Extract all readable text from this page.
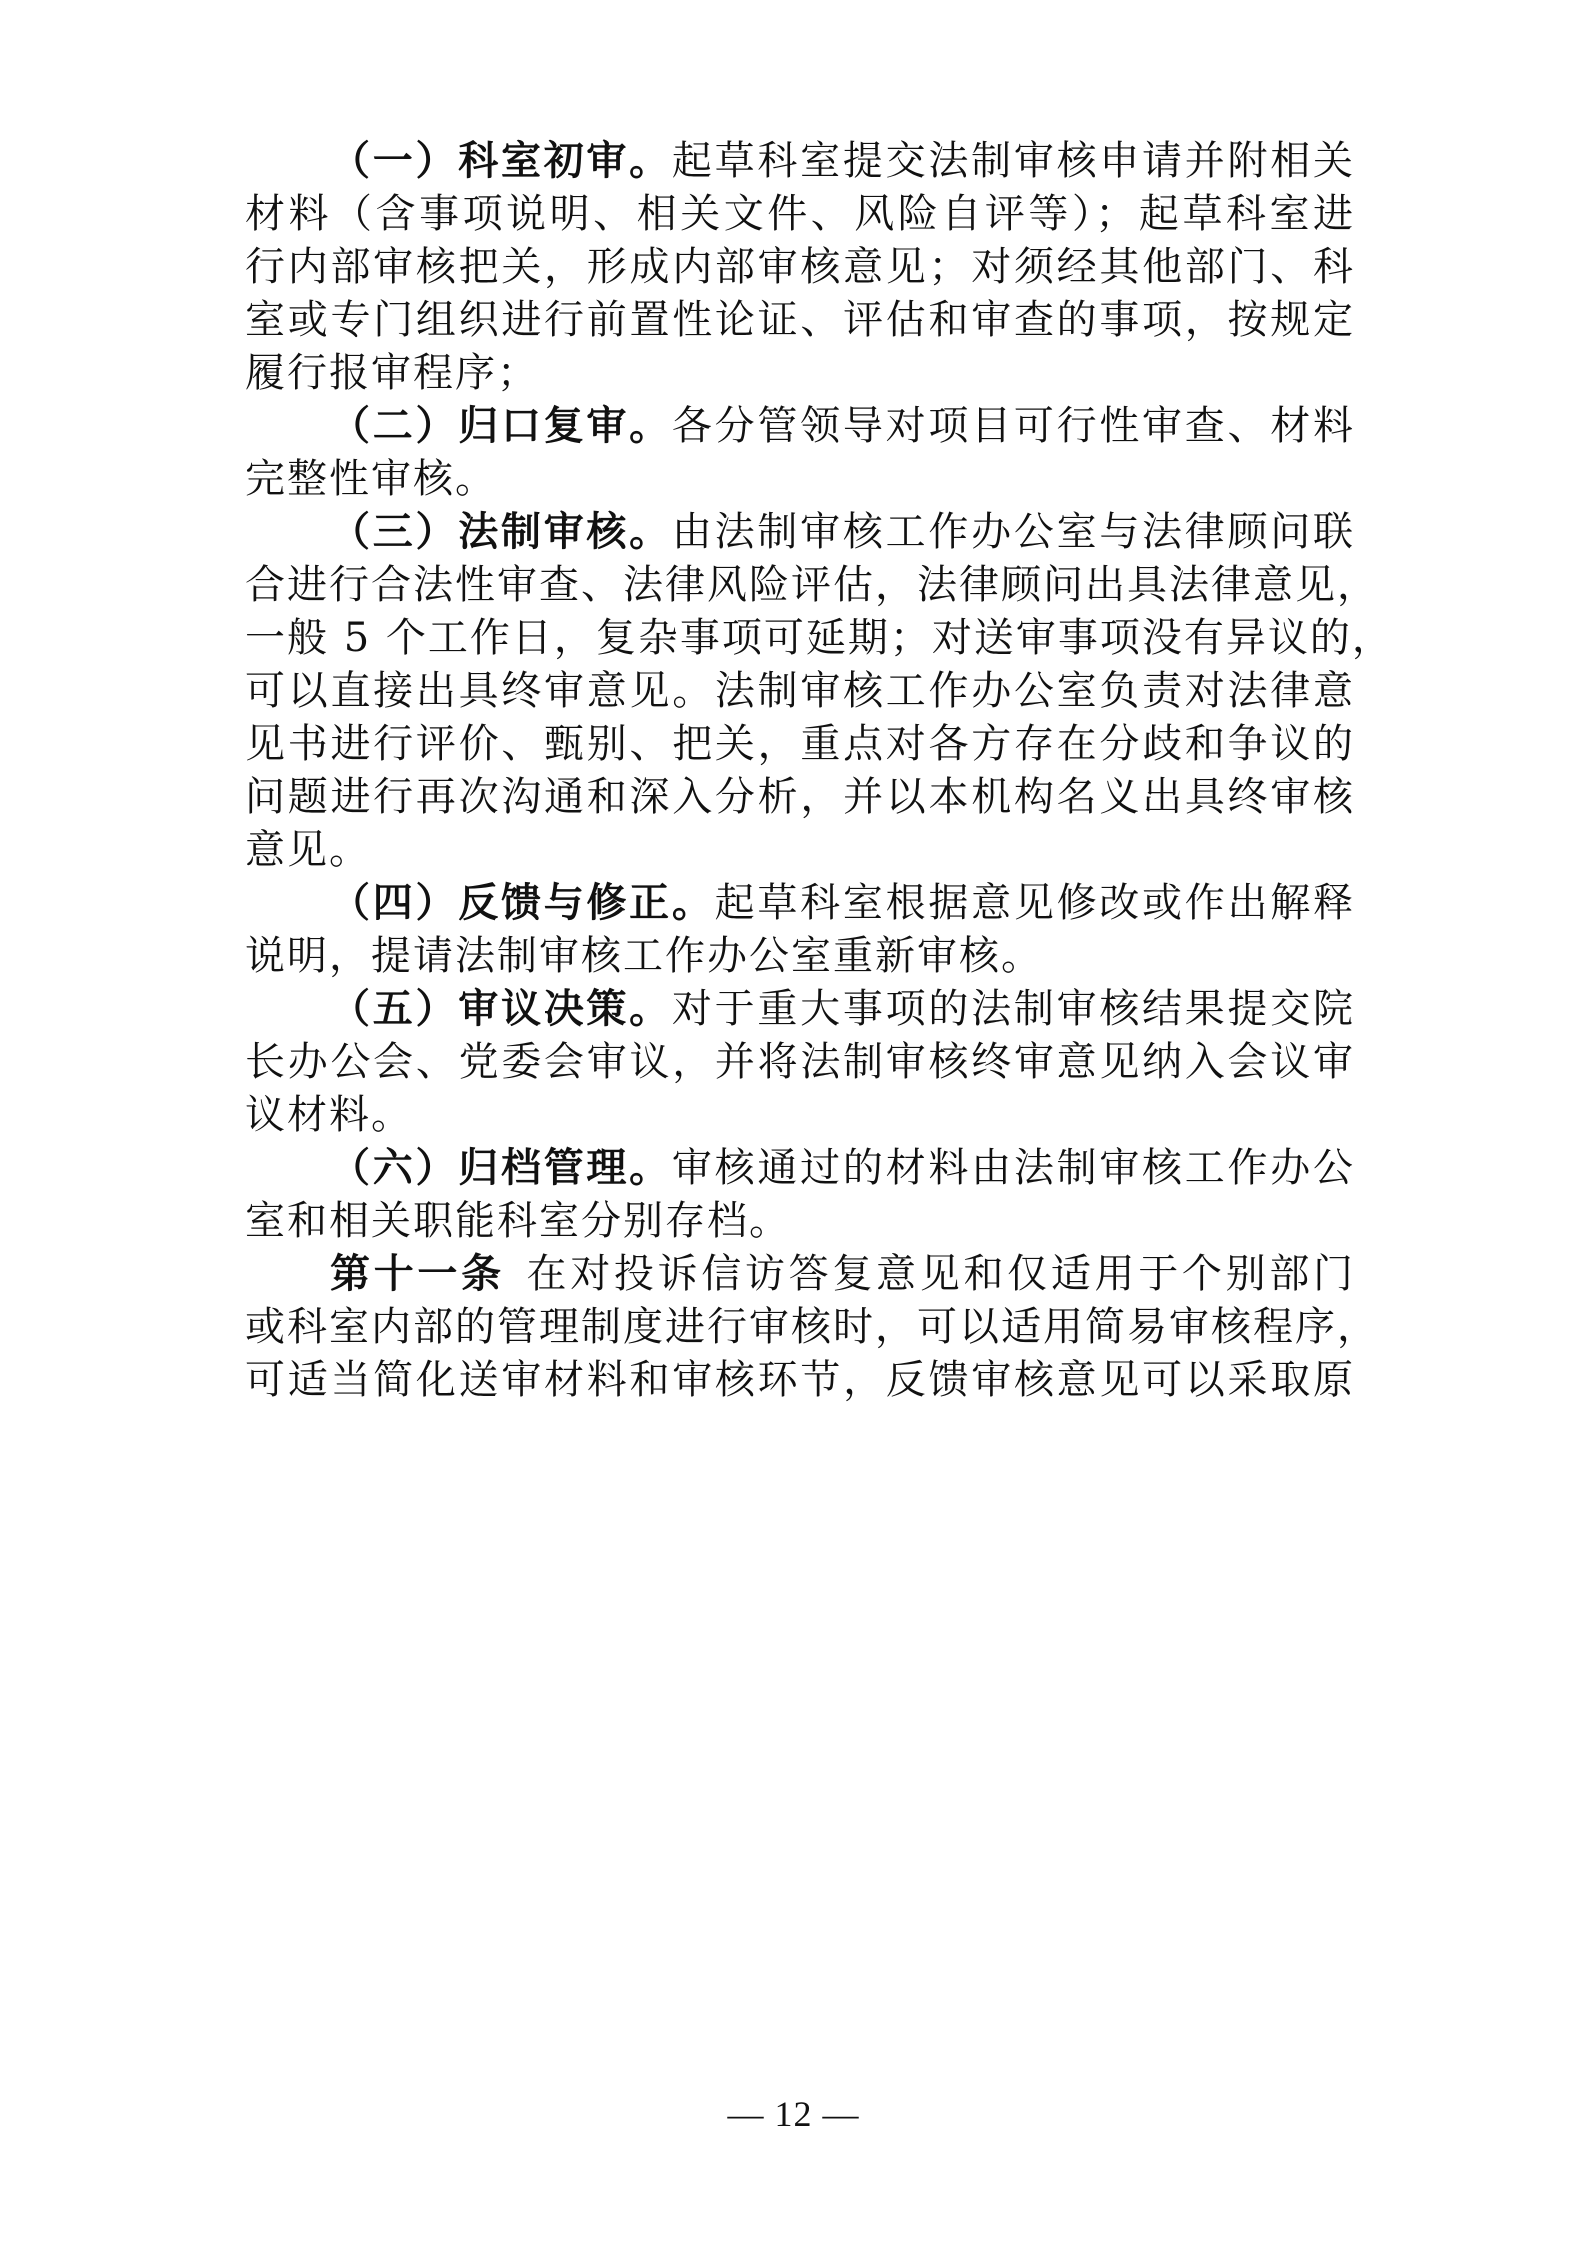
（一）科室初审。起草科室提交法制审核申请并附相关
材料（含事项说明、相关文件、风险自评等）；起草科室进
行内部审核把关，形成内部审核意见；对须经其他部门、科
室或专门组织进行前置性论证、评估和审查的事项，按规定
履行报审程序；
（二）归口复审。各分管领导对项目可行性审查、材料
完整性审核。
（三）法制审核。由法制审核工作办公室与法律顾问联
合进行合法性审查、法律风险评估，法律顾问出具法律意见，
一般 5 个工作日，复杂事项可延期；对送审事项没有异议的，
可以直接出具终审意见。法制审核工作办公室负责对法律意
见书进行评价、甄别、把关，重点对各方存在分歧和争议的
问题进行再次沟通和深入分析，并以本机构名义出具终审核
意见。
（四）反馈与修正。起草科室根据意见修改或作出解释
说明，提请法制审核工作办公室重新审核。
（五）审议决策。对于重大事项的法制审核结果提交院
长办公会、党委会审议，并将法制审核终审意见纳入会议审
议材料。
（六）归档管理。审核通过的材料由法制审核工作办公
室和相关职能科室分别存档。
第十一条 在对投诉信访答复意见和仅适用于个别部门
或科室内部的管理制度进行审核时，可以适用简易审核程序，
可适当简化送审材料和审核环节，反馈审核意见可以采取原
— 12 —
